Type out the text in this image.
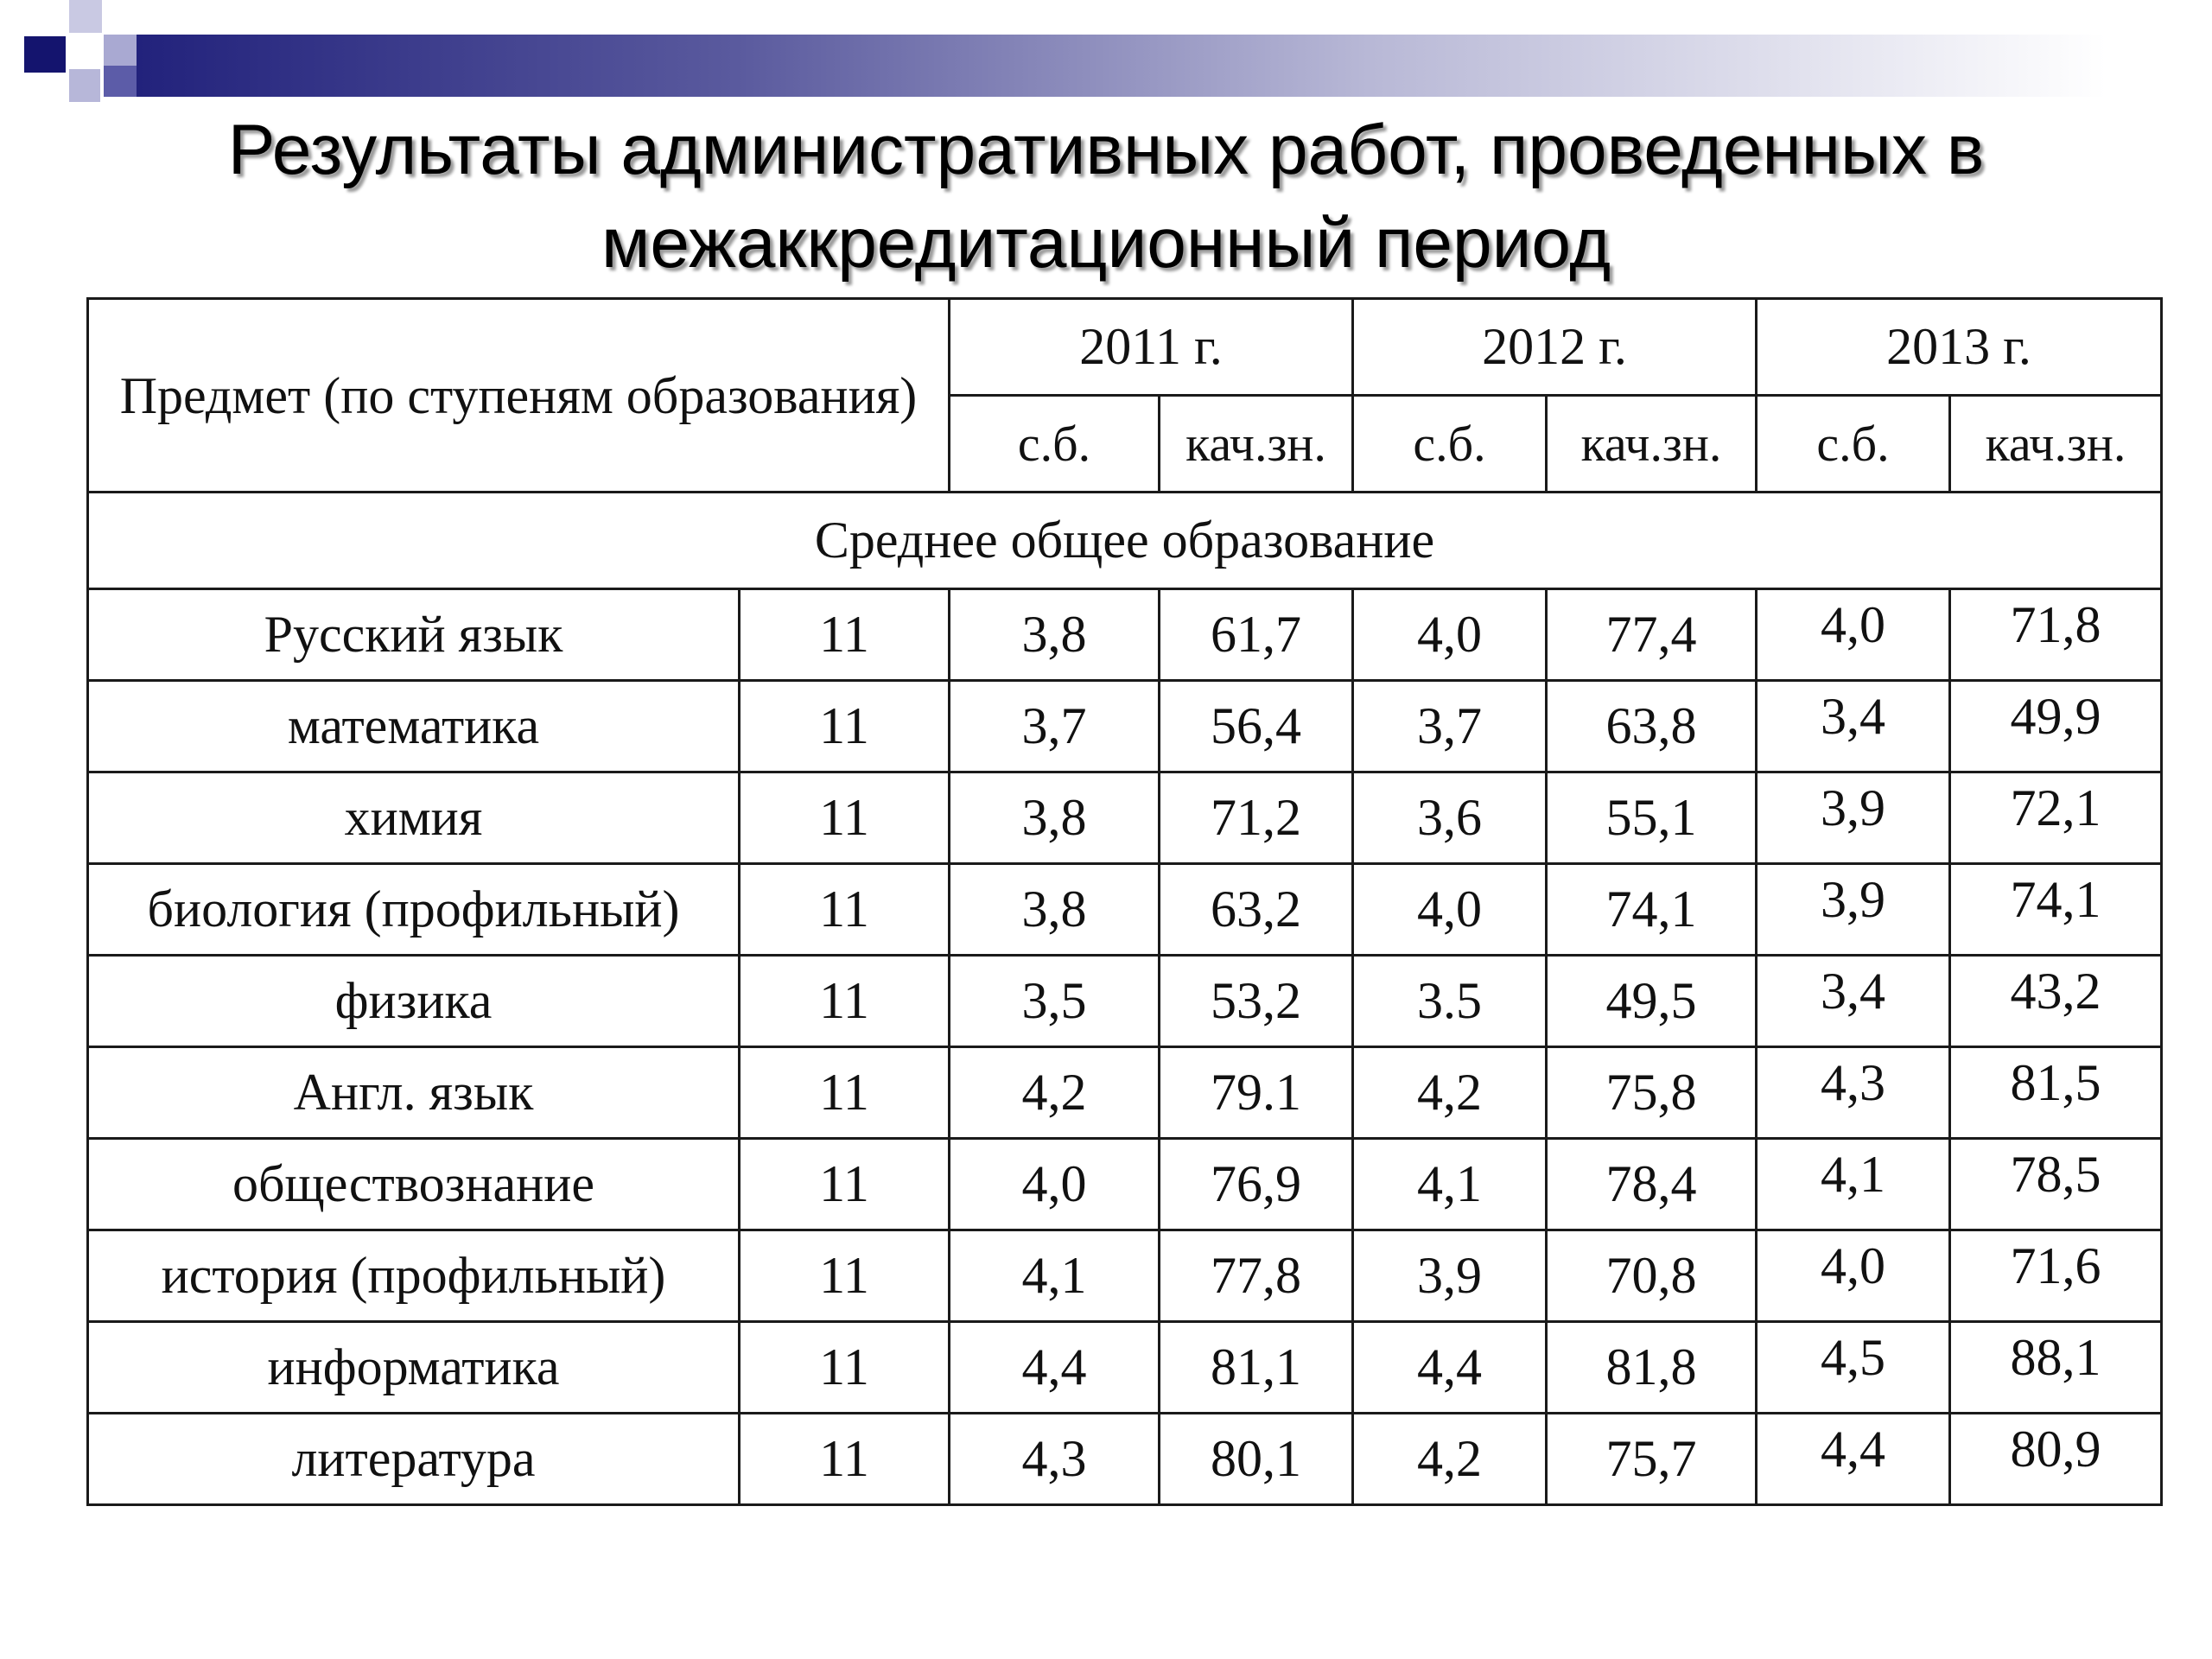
Результаты административных работ, проведенных в
межаккредитационный период
Предмет (по ступеням образования)		2011 г.		2012 г.		2013 г.	
		с.б.	кач.зн.	с.б.	кач.зн.	с.б.	кач.зн.
Среднее общее образование							
Русский язык	11	3,8	61,7	4,0	77,4	4,0	71,8
математика	11	3,7	56,4	3,7	63,8	3,4	49,9
химия	11	3,8	71,2	3,6	55,1	3,9	72,1
биология (профильный)	11	3,8	63,2	4,0	74,1	3,9	74,1
физика	11	3,5	53,2	3.5	49,5	3,4	43,2
Англ. язык	11	4,2	79.1	4,2	75,8	4,3	81,5
обществознание	11	4,0	76,9	4,1	78,4	4,1	78,5
история (профильный)	11	4,1	77,8	3,9	70,8	4,0	71,6
информатика	11	4,4	81,1	4,4	81,8	4,5	88,1
литература	11	4,3	80,1	4,2	75,7	4,4	80,9
